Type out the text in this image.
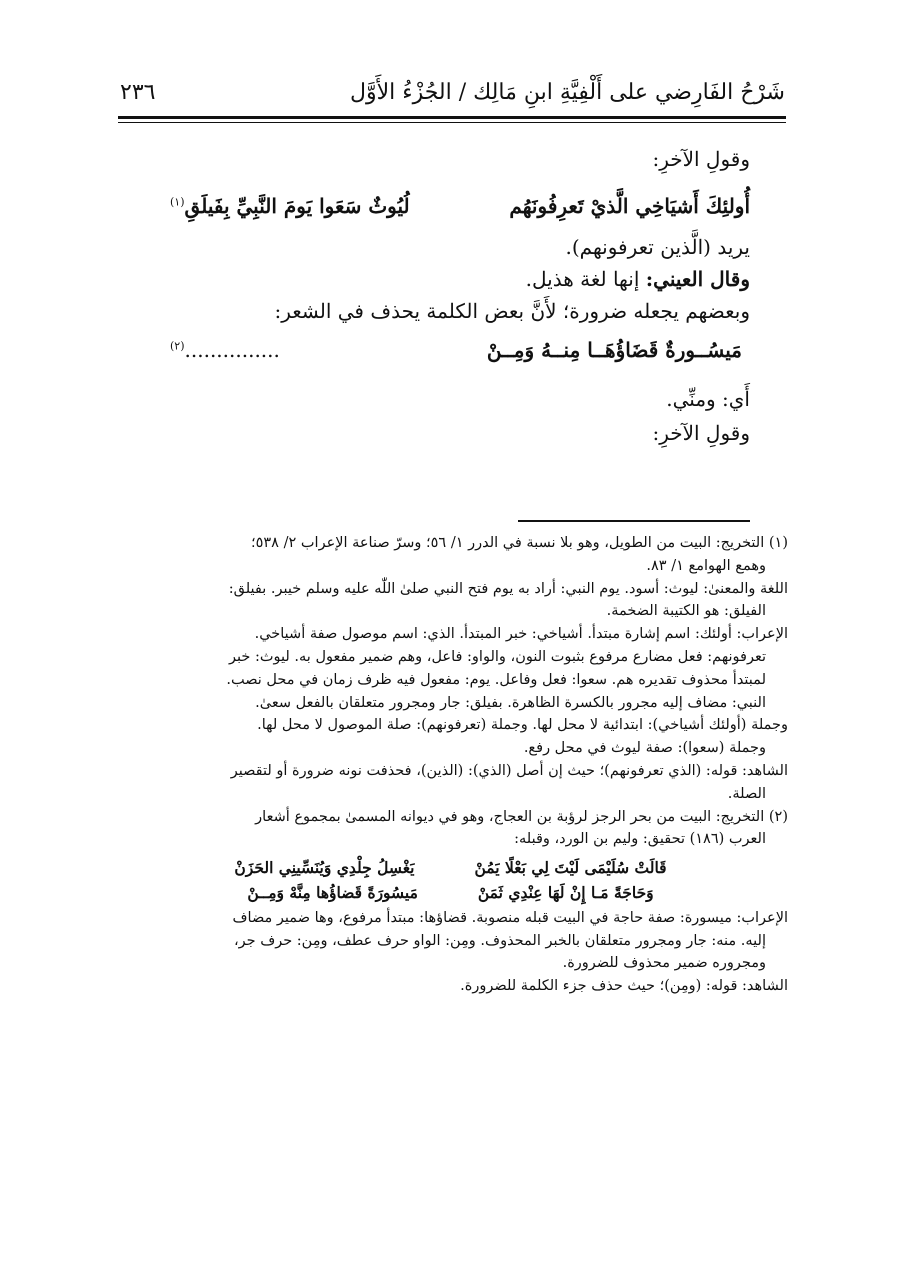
شَرْحُ الفَارِضي على أَلْفِيَّةِ ابنِ مَالِك / الجُزْءُ الأَوَّل
٢٣٦

وقولِ الآخرِ:

أُولئِكَ أَشيَاخِي الَّذيْ تَعرِفُونَهُم
لُيُوثٌ سَعَوا يَومَ النَّبِيِّ بِفَيلَقِ$^{(١)}$

يريد (الَّذين تعرفونهم).

وقال العيني: إنها لغة هذيل.

وبعضهم يجعله ضرورة؛ لأَنَّ بعض الكلمة يحذف في الشعر:

مَيسُــورةٌ قَضَاؤُهَــا مِنــهُ وَمِــنْ
...............$^{(٢)}$

أَي: ومنِّي.

وقولِ الآخرِ:

(١) التخريج: البيت من الطويل، وهو بلا نسبة في الدرر ١/ ٥٦؛ وسرّ صناعة الإعراب ٢/ ٥٣٨؛

وهمع الهوامع ١/ ٨٣.

اللغة والمعنىٰ: ليوث: أسود. يوم النبي: أراد به يوم فتح النبي صلىٰ اللّٰه عليه وسلم خيبر. بفيلق:

الفيلق: هو الكتيبة الضخمة.

الإعراب: أولئك: اسم إشارة مبتدأ. أشياخي: خبر المبتدأ. الذي: اسم موصول صفة أشياخي.

تعرفونهم: فعل مضارع مرفوع بثبوت النون، والواو: فاعل، وهم ضمير مفعول به. ليوث: خبر

لمبتدأ محذوف تقديره هم. سعوا: فعل وفاعل. يوم: مفعول فيه ظرف زمان في محل نصب.

النبي: مضاف إليه مجرور بالكسرة الظاهرة. بفيلق: جار ومجرور متعلقان بالفعل سعىٰ.

وجملة (أولئك أشياخي): ابتدائية لا محل لها. وجملة (تعرفونهم): صلة الموصول لا محل لها.

وجملة (سعوا): صفة ليوث في محل رفع.

الشاهد: قوله: (الذي تعرفونهم)؛ حيث إن أصل (الذي): (الذين)، فحذفت نونه ضرورة أو لتقصير

الصلة.

(٢) التخريج: البيت من بحر الرجز لرؤبة بن العجاج، وهو في ديوانه المسمىٰ بمجموع أشعار

العرب (١٨٦) تحقيق: وليم بن الورد، وقبله:

قَالَتْ سُلَيْمَى لَيْتَ لِي بَعْلًا يَمُنْ
يَغْسِلُ جِلْدِي وَيُنَسِّينِي الحَزَنْ
وَحَاجَةً مَـا إِنْ لَهَا عِنْدِي ثَمَنْ
مَيسُورَةً قَضاؤُها مِنَّهْ وَمِــنْ

الإعراب: ميسورة: صفة حاجة في البيت قبله منصوبة. قضاؤها: مبتدأ مرفوع، وها ضمير مضاف

إليه. منه: جار ومجرور متعلقان بالخبر المحذوف. ومِن: الواو حرف عطف، ومِن: حرف جر،

ومجروره ضمير محذوف للضرورة.

الشاهد: قوله: (ومِن)؛ حيث حذف جزء الكلمة للضرورة.
